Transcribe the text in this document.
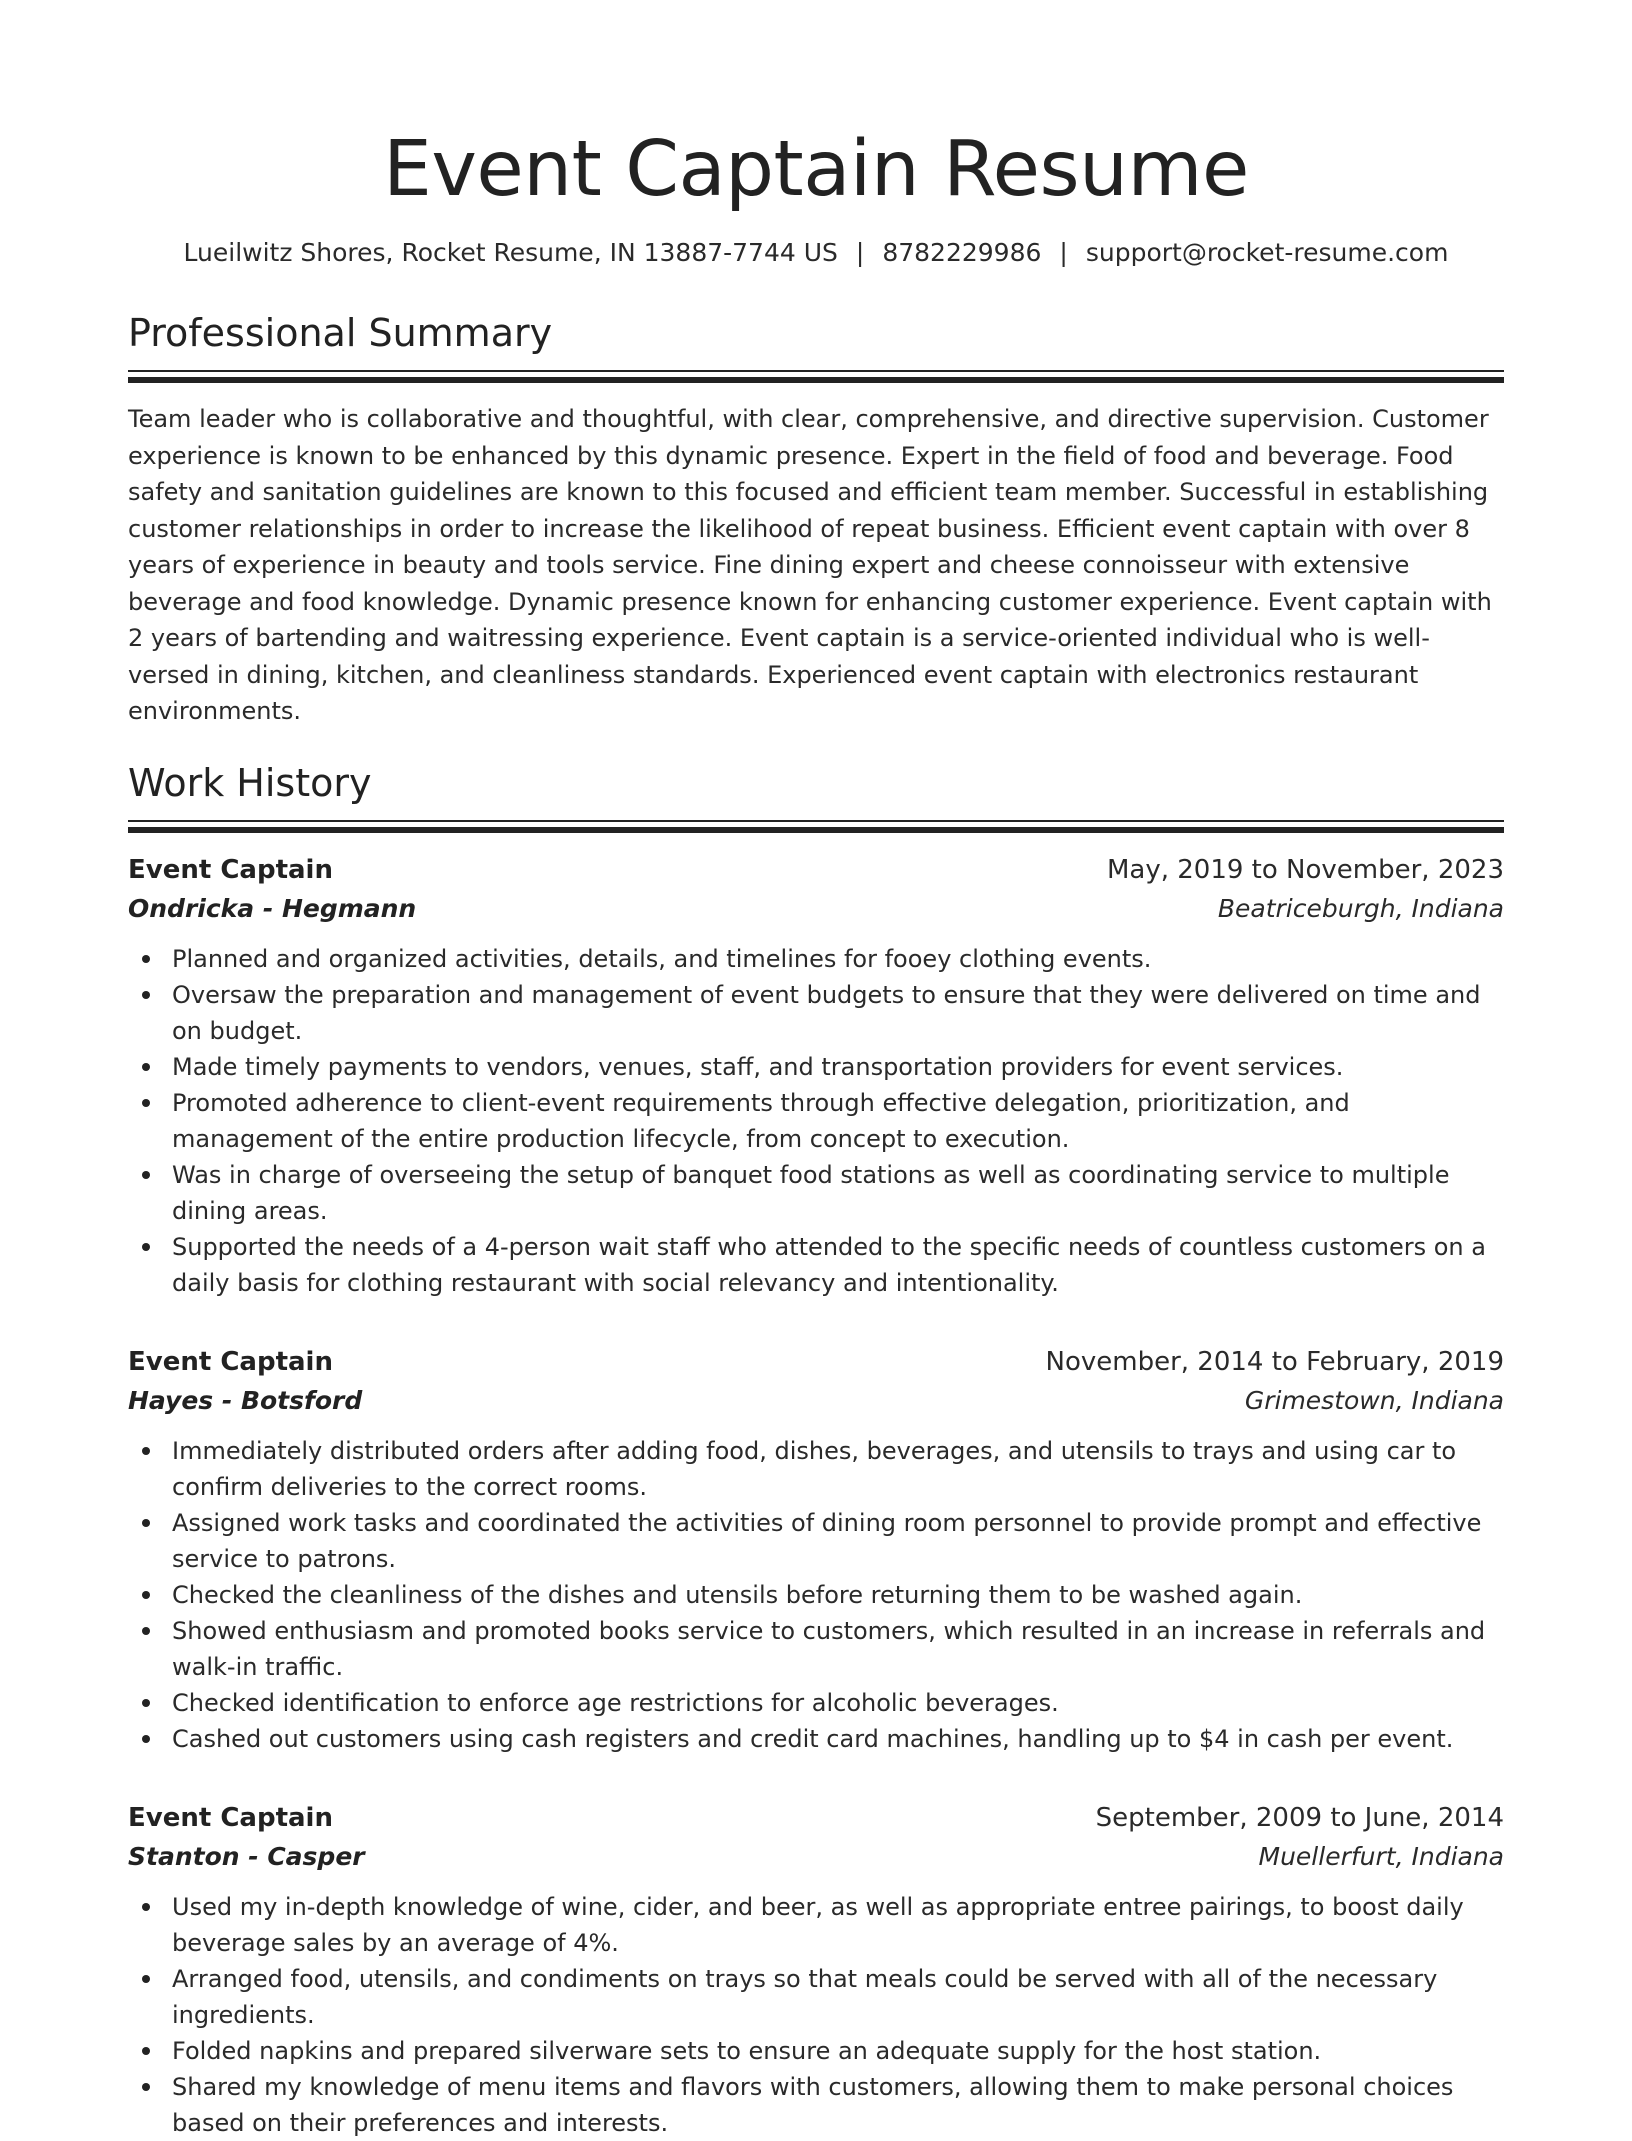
Event Captain Resume
Lueilwitz Shores, Rocket Resume, IN 13887-7744 US | 8782229986 | support@rocket-resume.com
Professional Summary

Team leader who is collaborative and thoughtful, with clear, comprehensive, and directive supervision. Customer experience is known to be enhanced by this dynamic presence. Expert in the field of food and beverage. Food safety and sanitation guidelines are known to this focused and efficient team member. Successful in establishing customer relationships in order to increase the likelihood of repeat business. Efficient event captain with over 8 years of experience in beauty and tools service. Fine dining expert and cheese connoisseur with extensive beverage and food knowledge. Dynamic presence known for enhancing customer experience. Event captain with 2 years of bartending and waitressing experience. Event captain is a service-oriented individual who is well-versed in dining, kitchen, and cleanliness standards. Experienced event captain with electronics restaurant environments.

Work History
Event Captain	May, 2019 to November, 2023
Ondricka - Hegmann	Beatriceburgh, Indiana
Planned and organized activities, details, and timelines for fooey clothing events.
Oversaw the preparation and management of event budgets to ensure that they were delivered on time and on budget.
Made timely payments to vendors, venues, staff, and transportation providers for event services.
Promoted adherence to client-event requirements through effective delegation, prioritization, and management of the entire production lifecycle, from concept to execution.
Was in charge of overseeing the setup of banquet food stations as well as coordinating service to multiple dining areas.
Supported the needs of a 4-person wait staff who attended to the specific needs of countless customers on a daily basis for clothing restaurant with social relevancy and intentionality.
Event Captain	November, 2014 to February, 2019
Hayes - Botsford	Grimestown, Indiana
Immediately distributed orders after adding food, dishes, beverages, and utensils to trays and using car to confirm deliveries to the correct rooms.
Assigned work tasks and coordinated the activities of dining room personnel to provide prompt and effective service to patrons.
Checked the cleanliness of the dishes and utensils before returning them to be washed again.
Showed enthusiasm and promoted books service to customers, which resulted in an increase in referrals and walk-in traffic.
Checked identification to enforce age restrictions for alcoholic beverages.
Cashed out customers using cash registers and credit card machines, handling up to $4 in cash per event.
Event Captain	September, 2009 to June, 2014
Stanton - Casper	Muellerfurt, Indiana
Used my in-depth knowledge of wine, cider, and beer, as well as appropriate entree pairings, to boost daily beverage sales by an average of 4%.
Arranged food, utensils, and condiments on trays so that meals could be served with all of the necessary ingredients.
Folded napkins and prepared silverware sets to ensure an adequate supply for the host station.
Shared my knowledge of menu items and flavors with customers, allowing them to make personal choices based on their preferences and interests.
